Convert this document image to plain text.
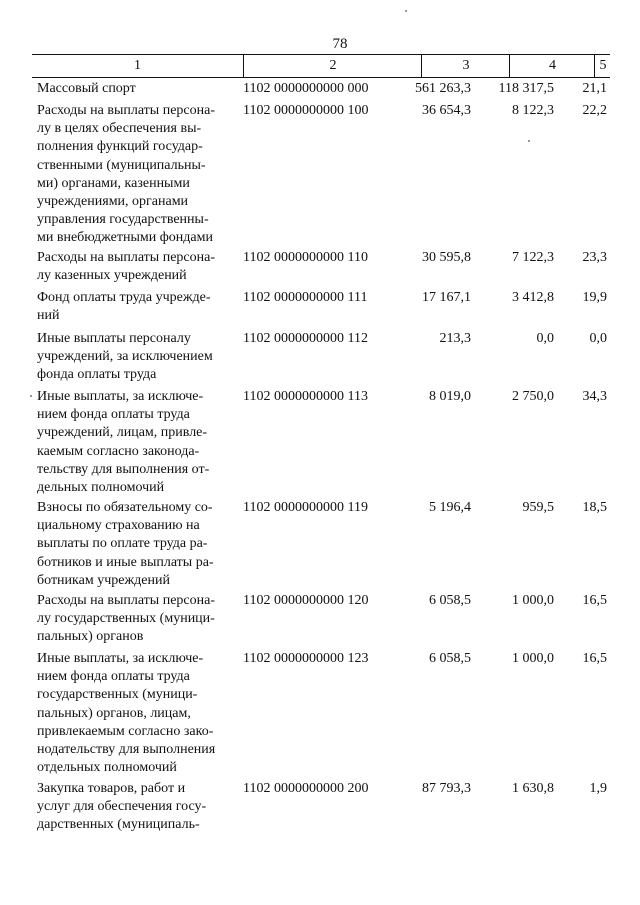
78
1	2	3	4	5
Массовый спорт	1102 0000000000 000	561 263,3	118 317,5	21,1
Расходы на выплаты персона-
лу в целях обеспечения вы-
полнения функций государ-
ственными (муниципальны-
ми) органами, казенными
учреждениями, органами
управления государственны-
ми внебюджетными фондами
1102 0000000000 100	36 654,3	8 122,3	22,2
Расходы на выплаты персона-
лу казенных учреждений
1102 0000000000 110	30 595,8	7 122,3	23,3
Фонд оплаты труда учрежде-
ний
1102 0000000000 111	17 167,1	3 412,8	19,9
Иные выплаты персоналу
учреждений, за исключением
фонда оплаты труда
1102 0000000000 112	213,3	0,0	0,0
Иные выплаты, за исключе-
нием фонда оплаты труда
учреждений, лицам, привле-
каемым согласно законода-
тельству для выполнения от-
дельных полномочий
1102 0000000000 113	8 019,0	2 750,0	34,3
Взносы по обязательному со-
циальному страхованию на
выплаты по оплате труда ра-
ботников и иные выплаты ра-
ботникам учреждений
1102 0000000000 119	5 196,4	959,5	18,5
Расходы на выплаты персона-
лу государственных (муници-
пальных) органов
1102 0000000000 120	6 058,5	1 000,0	16,5
Иные выплаты, за исключе-
нием фонда оплаты труда
государственных (муници-
пальных) органов, лицам,
привлекаемым согласно зако-
нодательству для выполнения
отдельных полномочий
1102 0000000000 123	6 058,5	1 000,0	16,5
Закупка товаров, работ и
услуг для обеспечения госу-
дарственных (муниципаль-
1102 0000000000 200	87 793,3	1 630,8	1,9
